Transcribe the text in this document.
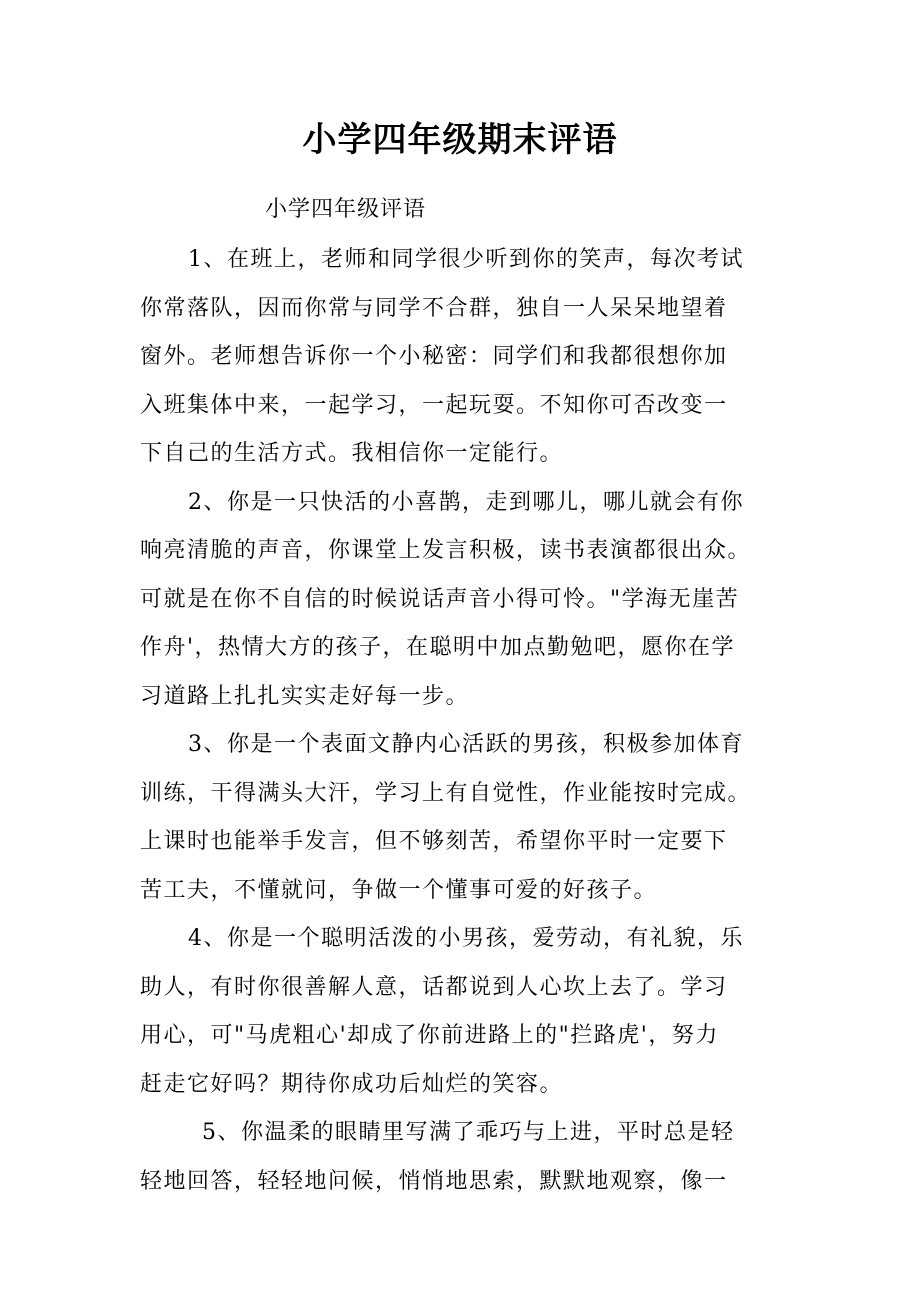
小学四年级期末评语
小学四年级评语
1、在班上，老师和同学很少听到你的笑声，每次考试
你常落队，因而你常与同学不合群，独自一人呆呆地望着
窗外。老师想告诉你一个小秘密：同学们和我都很想你加
入班集体中来，一起学习，一起玩耍。不知你可否改变一
下自己的生活方式。我相信你一定能行。
2、你是一只快活的小喜鹊，走到哪儿，哪儿就会有你
响亮清脆的声音，你课堂上发言积极，读书表演都很出众。
可就是在你不自信的时候说话声音小得可怜。"学海无崖苦
作舟'，热情大方的孩子，在聪明中加点勤勉吧，愿你在学
习道路上扎扎实实走好每一步。
3、你是一个表面文静内心活跃的男孩，积极参加体育
训练，干得满头大汗，学习上有自觉性，作业能按时完成。
上课时也能举手发言，但不够刻苦，希望你平时一定要下
苦工夫，不懂就问，争做一个懂事可爱的好孩子。
4、你是一个聪明活泼的小男孩，爱劳动，有礼貌，乐
助人，有时你很善解人意，话都说到人心坎上去了。学习
用心，可"马虎粗心'却成了你前进路上的"拦路虎'，努力
赶走它好吗？期待你成功后灿烂的笑容。
5、你温柔的眼睛里写满了乖巧与上进，平时总是轻
轻地回答，轻轻地问候，悄悄地思索，默默地观察，像一
